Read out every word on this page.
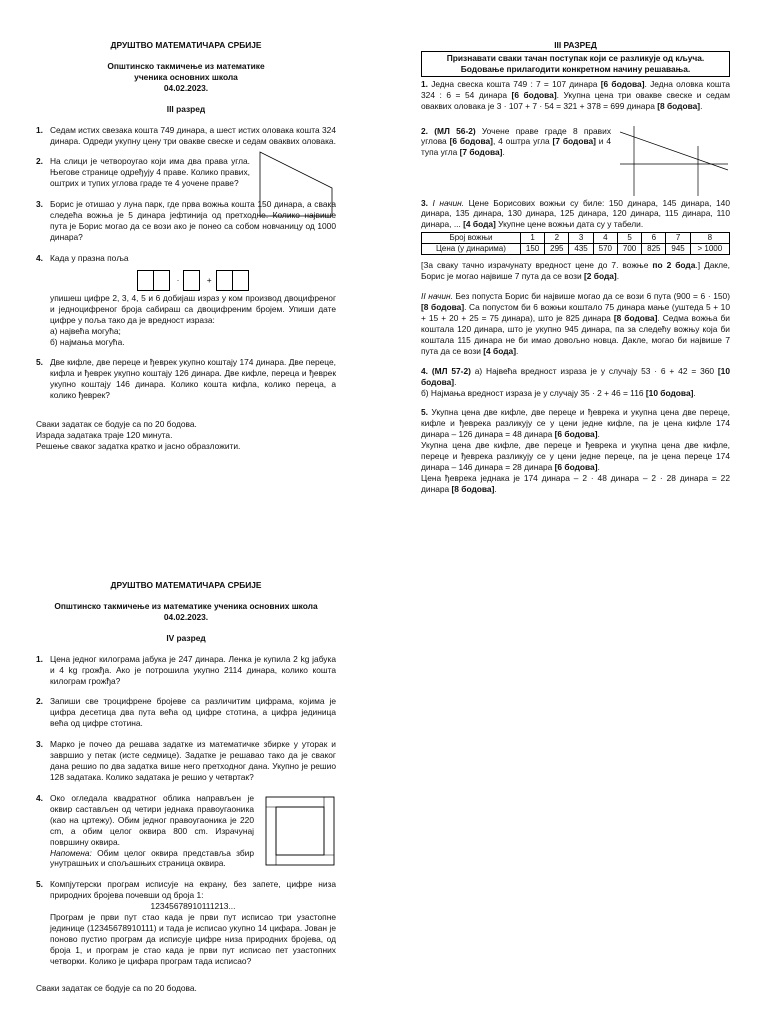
ДРУШТВО МАТЕМАТИЧАРА СРБИЈЕ
Општинско такмичење из математике
ученика основних школа
04.02.2023.
III разред
1. Седам истих свезака кошта 749 динара, а шест истих оловака кошта 324 динара. Одреди укупну цену три овакве свеске и седам оваквих оловака.
2. На слици је четвороугао који има два права угла. Његове странице одређују 4 праве. Колико правих, оштрих и тупих углова граде те 4 уочене праве?
3. Борис је отишао у луна парк, где прва вожња кошта 150 динара, а свака следећа вожња је 5 динара јефтинија од претходне. Колико највише пута је Борис могао да се вози ако је понео са собом новчаницу од 1000 динара?
4. Када у празна поља
·	+
упишеш цифре 2, 3, 4, 5 и 6 добијаш израз у ком производ двоцифреног и једноцифреног броја сабираш са двоцифреним бројем. Упиши дате цифре у поља тако да је вредност израза:
а) највећа могућа;
б) најмања могућа.
5. Две кифле, две переце и ђеврек укупно коштају 174 динара. Две переце, кифла и ђеврек укупно коштају 126 динара. Две кифле, переца и ђеврек укупно коштају 146 динара. Колико кошта кифла, колико переца, а колико ђеврек?
Сваки задатак се бодује са по 20 бодова.
Израда задатака траје 120 минута.
Решење сваког задатка кратко и јасно образложити.
III РАЗРЕД
Признавати сваки тачан поступак који се разликује од кључа.
Бодовање прилагодити конкретном начину решавања.

1. Једна свеска кошта 749 : 7 = 107 динара [6 бодова]. Једна оловка кошта 324 : 6 = 54 динара [6 бодова]. Укупна цена три овакве свеске и седам оваквих оловака је 3 · 107 + 7 · 54 = 321 + 378 = 699 динара [8 бодова].

2. (МЛ 56-2) Уочене праве граде 8 правих углова [6 бодова], 4 оштра угла [7 бодова] и 4 тупа угла [7 бодова].

3. I начин. Цене Борисових вожњи су биле: 150 динара, 145 динара, 140 динара, 135 динара, 130 динара, 125 динара, 120 динара, 115 динара, 110 динара, ... [4 бода] Укупне цене вожњи дата су у табели.

Број вожњи	1	2	3	4	5	6	7	8
Цена (у динарима)	150	295	435	570	700	825	945	> 1000

[За сваку тачно израчунату вредност цене до 7. вожње по 2 бода.] Дакле, Борис је могао највише 7 пута да се вози [2 бода].

II начин. Без попуста Борис би највише могао да се вози 6 пута (900 = 6 · 150) [8 бодова]. Са попустом би 6 вожњи коштало 75 динара мање (уштеда 5 + 10 + 15 + 20 + 25 = 75 динара), што је 825 динара [8 бодова]. Седма вожња би коштала 120 динара, што је укупно 945 динара, па за следећу вожњу која би коштала 115 динара не би имао довољно новца. Дакле, могао би највише 7 пута да се вози [4 бода].

4. (МЛ 57-2) а) Највећа вредност израза је у случају 53 · 6 + 42 = 360 [10 бодова].
б) Најмања вредност израза је у случају 35 · 2 + 46 = 116 [10 бодова].

5. Укупна цена две кифле, две переце и ђеврека и укупна цена две переце, кифле и ђеврека разликују се у цени једне кифле, па је цена кифле 174 динара – 126 динара = 48 динара [6 бодова].
Укупна цена две кифле, две переце и ђеврека и укупна цена две кифле, переце и ђеврека разликују се у цени једне переце, па је цена переце 174 динара – 146 динара = 28 динара [6 бодова].
Цена ђеврека једнака је 174 динара – 2 · 48 динара – 2 · 28 динара = 22 динара [8 бодова].

ДРУШТВО МАТЕМАТИЧАРА СРБИЈЕ
Општинско такмичење из математике ученика основних школа
04.02.2023.
IV разред
1. Цена једног килограма јабука је 247 динара. Ленка је купила 2 kg јабука и 4 kg грожђа. Ако је потрошила укупно 2114 динара, колико кошта килограм грожђа?
2. Запиши све троцифрене бројеве са различитим цифрама, којима је цифра десетица два пута већа од цифре стотина, а цифра јединица већа од цифре стотина.
3. Марко је почео да решава задатке из математичке збирке у уторак и завршио у петак (исте седмице). Задатке је решавао тако да је сваког дана решио по два задатка више него претходног дана. Укупно је решио 128 задатака. Колико задатака је решио у четвртак?
4. Око огледала квадратног облика направљен је оквир састављен од четири једнака правоугаоника (као на цртежу). Обим једног правоугаоника је 220 cm, а обим целог оквира 800 cm. Израчунај површину оквира.
Напомена: Обим целог оквира представља збир унутрашњих и спољашњих страница оквира.
5. Компјутерски програм исписује на екрану, без запете, цифре низа природних бројева почевши од броја 1:
12345678910111213...
Програм је први пут стао када је први пут исписао три узастопне јединице (12345678910111) и тада је исписао укупно 14 цифара. Јован је поново пустио програм да исписује цифре низа природних бројева, од броја 1, и програм је стао када је први пут исписао пет узастопних четворки. Колико је цифара програм тада исписао?
Сваки задатак се бодује са по 20 бодова.
